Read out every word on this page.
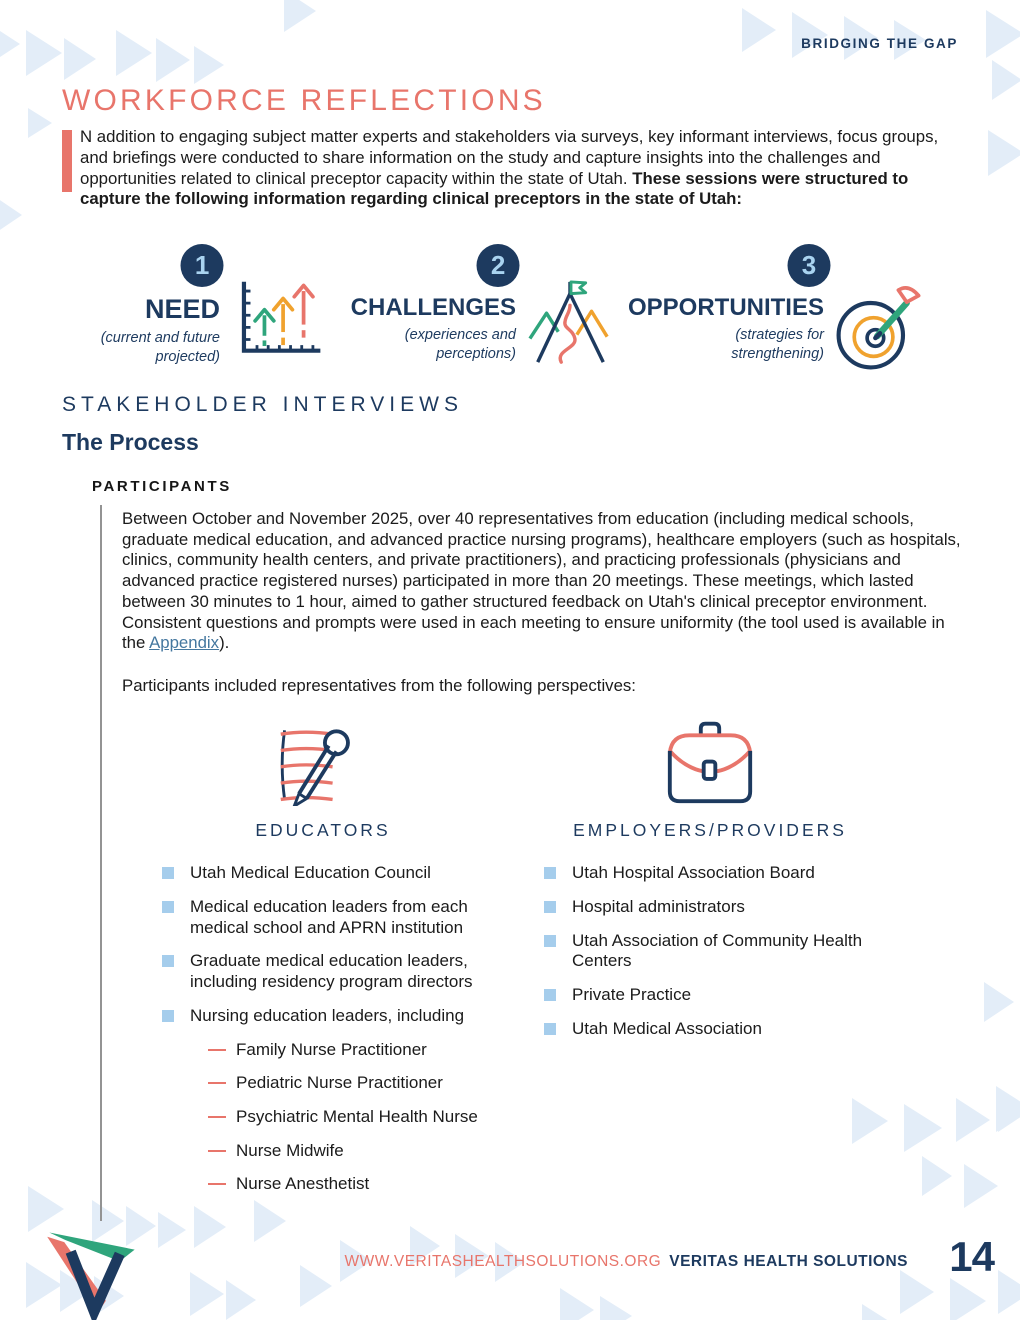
BRIDGING THE GAP
WORKFORCE REFLECTIONS
N addition to engaging subject matter experts and stakeholders via surveys, key informant interviews, focus groups, and briefings were conducted to share information on the study and capture insights into the challenges and opportunities related to clinical preceptor capacity within the state of Utah. These sessions were structured to capture the following information regarding clinical preceptors in the state of Utah:
1
NEED
(current and future projected)
2
CHALLENGES
(experiences and perceptions)
3
OPPORTUNITIES
(strategies for strengthening)
STAKEHOLDER INTERVIEWS
The Process
PARTICIPANTS
Between October and November 2025, over 40 representatives from education (including medical schools, graduate medical education, and advanced practice nursing programs), healthcare employers (such as hospitals, clinics, community health centers, and private practitioners), and practicing professionals (physicians and advanced practice registered nurses) participated in more than 20 meetings. These meetings, which lasted between 30 minutes to 1 hour, aimed to gather structured feedback on Utah's clinical preceptor environment. Consistent questions and prompts were used in each meeting to ensure uniformity (the tool used is available in the Appendix).
Participants included representatives from the following perspectives:
EDUCATORS
Utah Medical Education Council
Medical education leaders from each medical school and APRN institution
Graduate medical education leaders, including residency program directors
Nursing education leaders, including
Family Nurse Practitioner
Pediatric Nurse Practitioner
Psychiatric Mental Health Nurse
Nurse Midwife
Nurse Anesthetist
EMPLOYERS/PROVIDERS
Utah Hospital Association Board
Hospital administrators
Utah Association of Community Health Centers
Private Practice
Utah Medical Association
WWW.VERITASHEALTHSOLUTIONS.ORG VERITAS HEALTH SOLUTIONS 14
